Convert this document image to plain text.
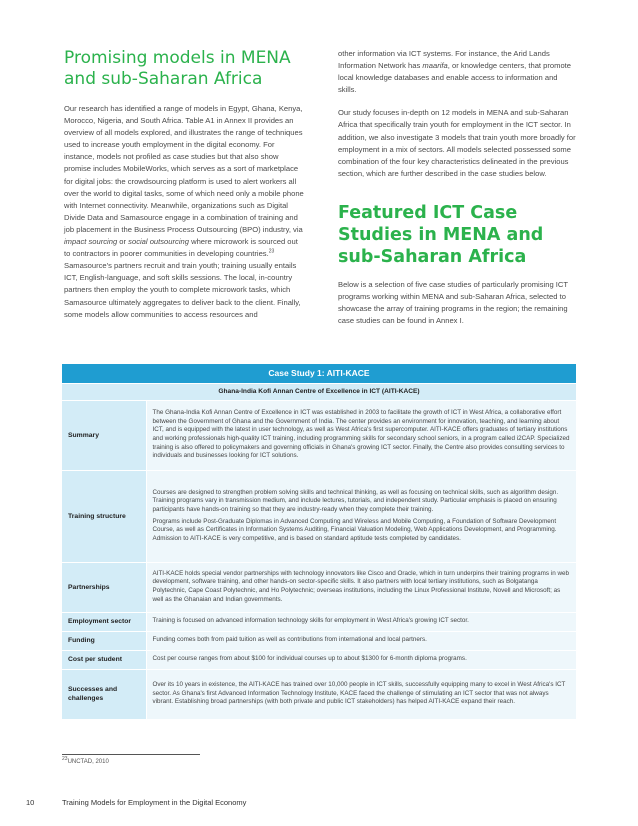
Promising models in MENA and sub-Saharan Africa

Our research has identified a range of models in Egypt, Ghana, Kenya, Morocco, Nigeria, and South Africa. Table A1 in Annex II provides an overview of all models explored, and illustrates the range of techniques used to increase youth employment in the digital economy. For instance, models not profiled as case studies but that also show promise includes MobileWorks, which serves as a sort of marketplace for digital jobs: the crowdsourcing platform is used to alert workers all over the world to digital tasks, some of which need only a mobile phone with Internet connectivity. Meanwhile, organizations such as Digital Divide Data and Samasource engage in a combination of training and job placement in the Business Process Outsourcing (BPO) industry, via impact sourcing or social outsourcing where microwork is sourced out to contractors in poorer communities in developing countries.$^{23}$ Samasource's partners recruit and train youth; training usually entails ICT, English-language, and soft skills sessions. The local, in-country partners then employ the youth to complete microwork tasks, which Samasource ultimately aggregates to deliver back to the client. Finally, some models allow communities to access resources and

other information via ICT systems. For instance, the Arid Lands Information Network has maarifa, or knowledge centers, that promote local knowledge databases and enable access to information and skills.

Our study focuses in-depth on 12 models in MENA and sub-Saharan Africa that specifically train youth for employment in the ICT sector. In addition, we also investigate 3 models that train youth more broadly for employment in a mix of sectors. All models selected possessed some combination of the four key characteristics delineated in the previous section, which are further described in the case studies below.

Featured ICT Case Studies in MENA and sub-Saharan Africa

Below is a selection of five case studies of particularly promising ICT programs working within MENA and sub-Saharan Africa, selected to showcase the array of training programs in the region; the remaining case studies can be found in Annex I.

Case Study 1: AITI-KACE	
Ghana-India Kofi Annan Centre of Excellence in ICT (AITI-KACE)	
Summary	The Ghana-India Kofi Annan Centre of Excellence in ICT was established in 2003 to facilitate the growth of ICT in West Africa, a collaborative effort between the Government of Ghana and the Government of India. The center provides an environment for innovation, teaching, and learning about ICT, and is equipped with the latest in user technology, as well as West Africa's first supercomputer. AITI-KACE offers graduates of tertiary institutions and working professionals high-quality ICT training, including programming skills for secondary school seniors, in a program called i2CAP. Specialized training is also offered to policymakers and governing officials in Ghana's growing ICT sector. Finally, the Centre also provides consulting services to individuals and businesses looking for ICT solutions.

Training structure	Courses are designed to strengthen problem solving skills and technical thinking, as well as focusing on technical skills, such as algorithm design. Training programs vary in transmission medium, and include lectures, tutorials, and independent study. Particular emphasis is placed on ensuring participants have hands-on training so that they are industry-ready when they complete their training.

Programs include Post-Graduate Diplomas in Advanced Computing and Wireless and Mobile Computing, a Foundation of Software Development Course, as well as Certificates in Information Systems Auditing, Financial Valuation Modeling, Web Applications Development, and Programming. Admission to AITI-KACE is very competitive, and is based on standard aptitude tests completed by candidates.

Partnerships	AITI-KACE holds special vendor partnerships with technology innovators like Cisco and Oracle, which in turn underpins their training programs in web development, software training, and other hands-on sector-specific skills. It also partners with local tertiary institutions, such as Bolgatanga Polytechnic, Cape Coast Polytechnic, and Ho Polytechnic; overseas institutions, including the Linux Professional Institute, Novell and Microsoft; as well as the Ghanaian and Indian governments.

Employment sector	Training is focused on advanced information technology skills for employment in West Africa's growing ICT sector.

Funding	Funding comes both from paid tuition as well as contributions from international and local partners.

Cost per student	Cost per course ranges from about $100 for individual courses up to about $1300 for 6-month diploma programs.

Successes and challenges	Over its 10 years in existence, the AITI-KACE has trained over 10,000 people in ICT skills, successfully equipping many to excel in West Africa's ICT sector. As Ghana's first Advanced Information Technology Institute, KACE faced the challenge of stimulating an ICT sector that was not always vibrant. Establishing broad partnerships (with both private and public ICT stakeholders) has helped AITI-KACE expand their reach.

$^{23}$UNCTAD, 2010
10	Training Models for Employment in the Digital Economy
